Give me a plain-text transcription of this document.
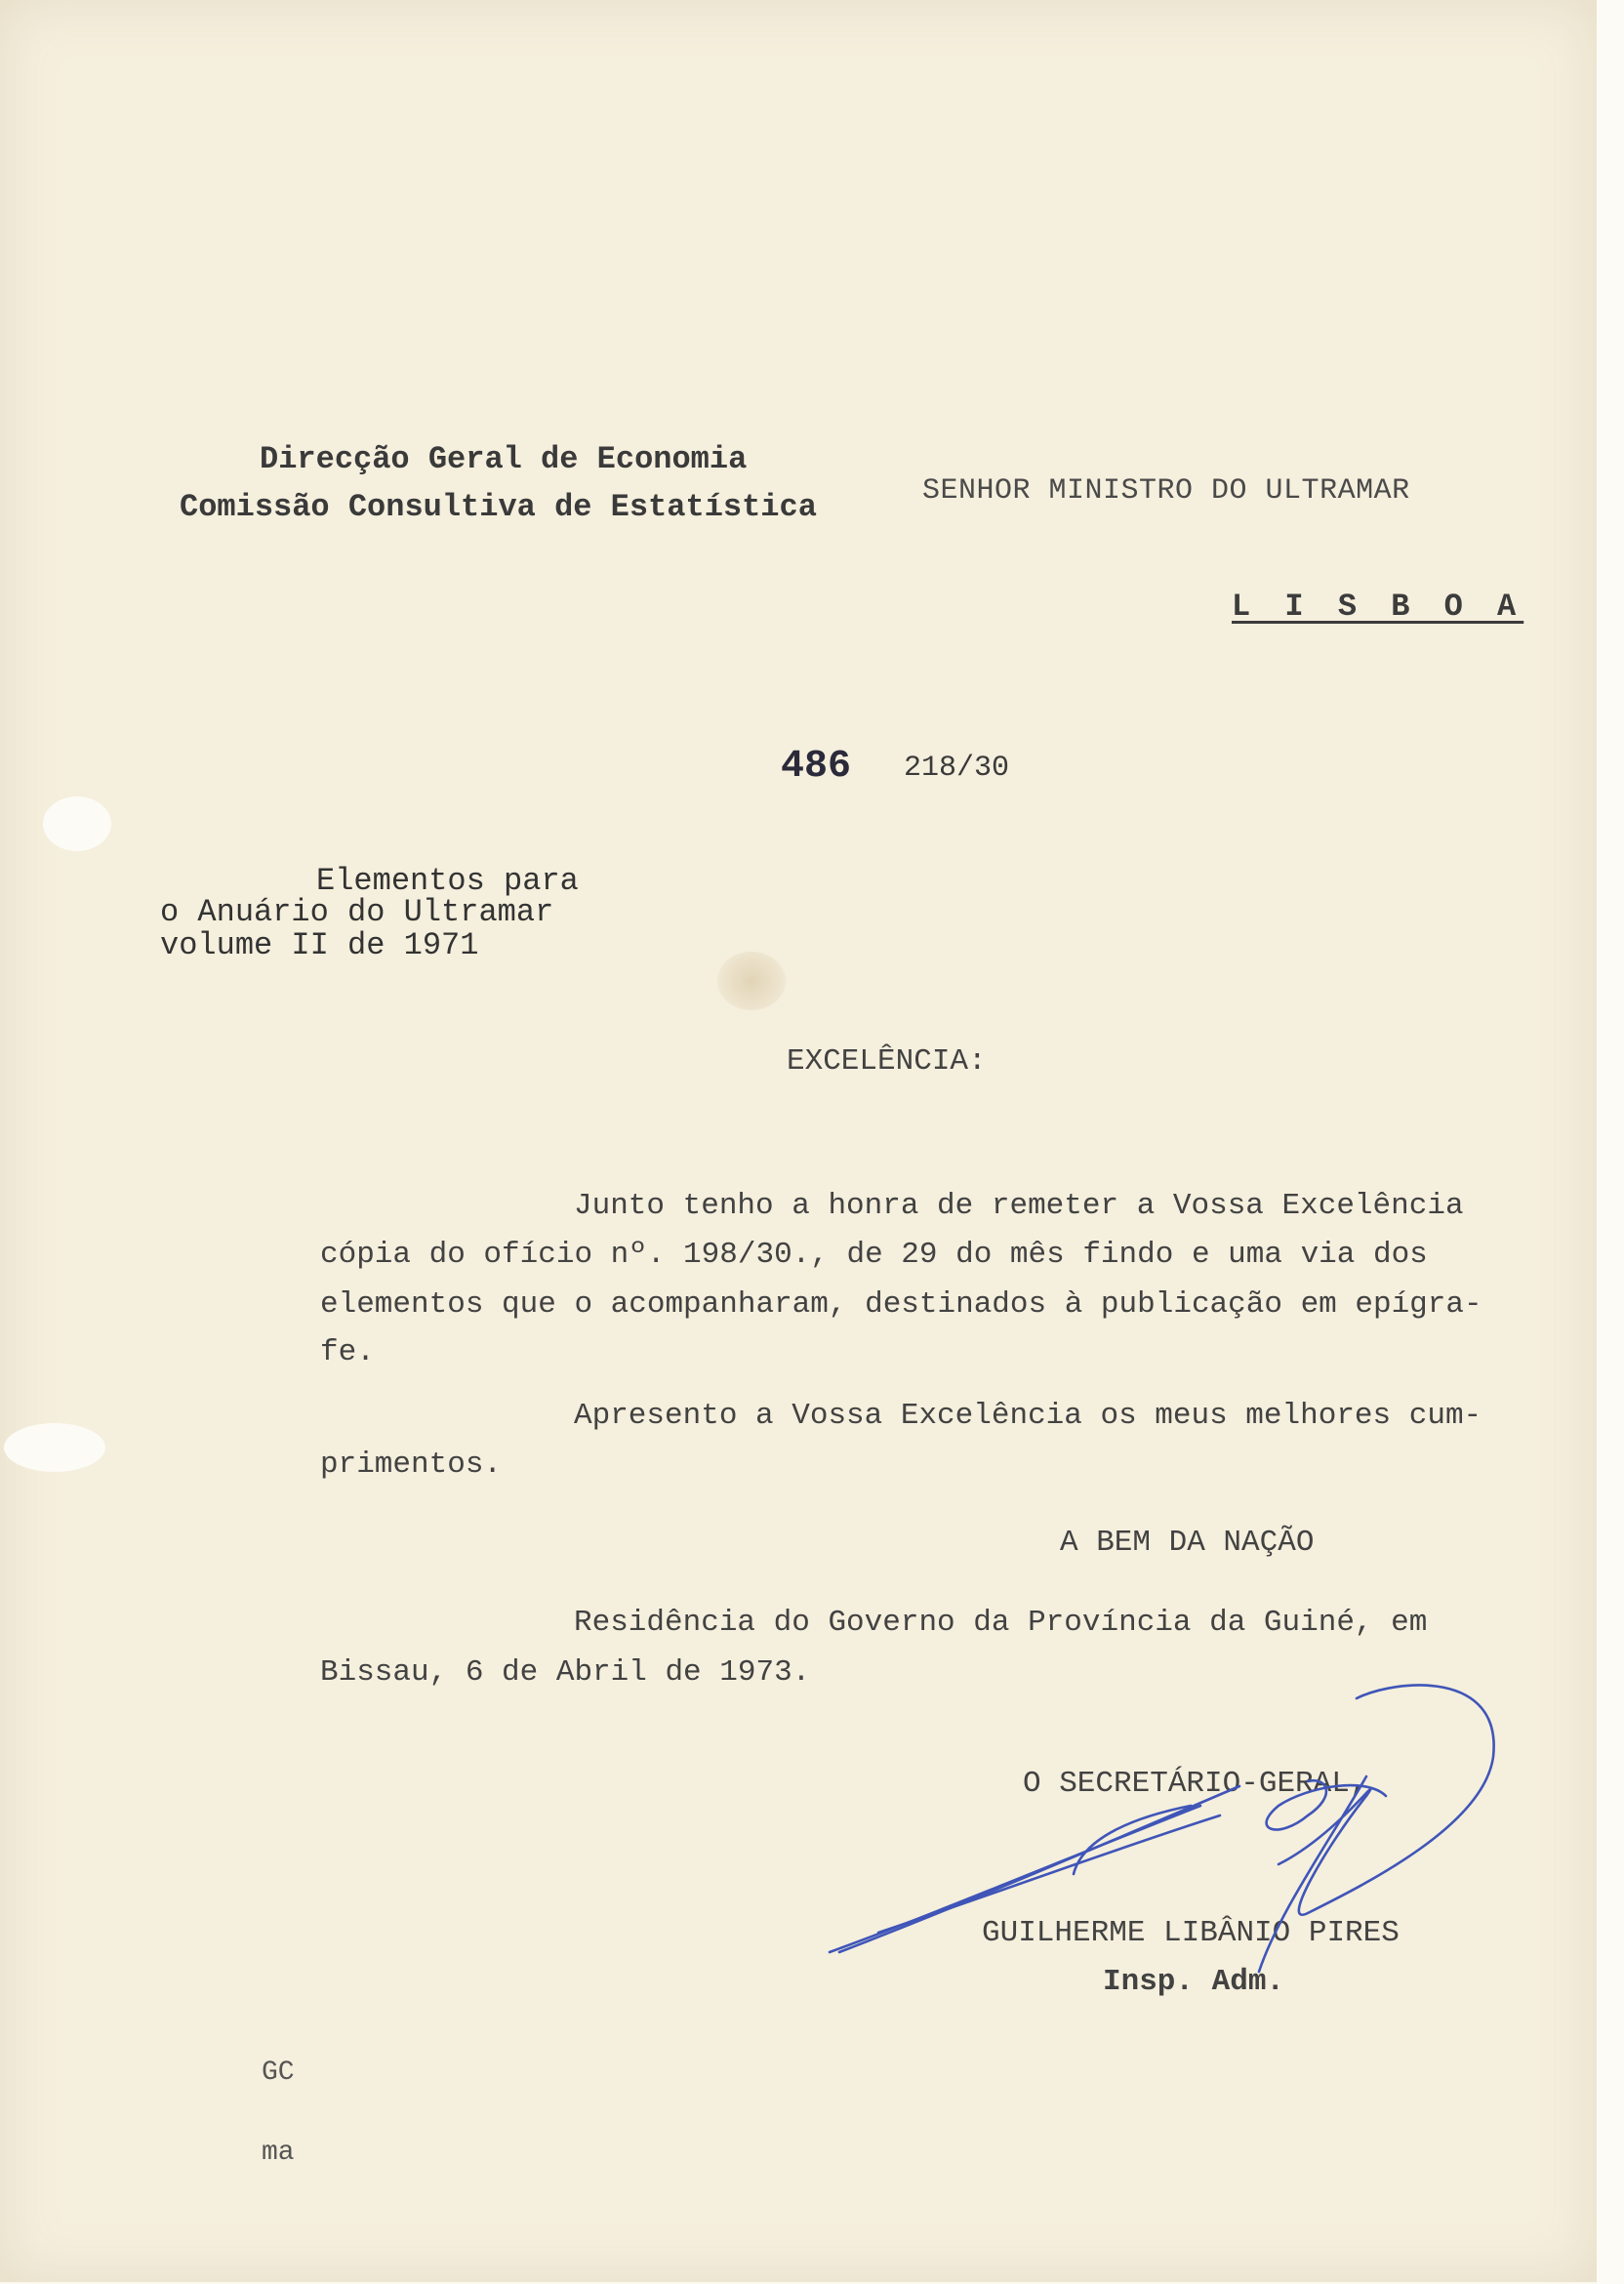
Direcção Geral de Economia
Comissão Consultiva de Estatística	SENHOR MINISTRO DO ULTRAMAR
L I S B O A
486 218/30
Elementos para
o Anuário do Ultramar
volume II de 1971
EXCELÊNCIA:
Junto tenho a honra de remeter a Vossa Excelência
cópia do ofício nº. 198/30., de 29 do mês findo e uma via dos
elementos que o acompanharam, destinados à publicação em epígra-
fe.
Apresento a Vossa Excelência os meus melhores cum-
primentos.
A BEM DA NAÇÃO
Residência do Governo da Província da Guiné, em
Bissau, 6 de Abril de 1973.
O SECRETÁRIO-GERAL,
GUILHERME LIBÂNIO PIRES
Insp. Adm.
GC
ma
